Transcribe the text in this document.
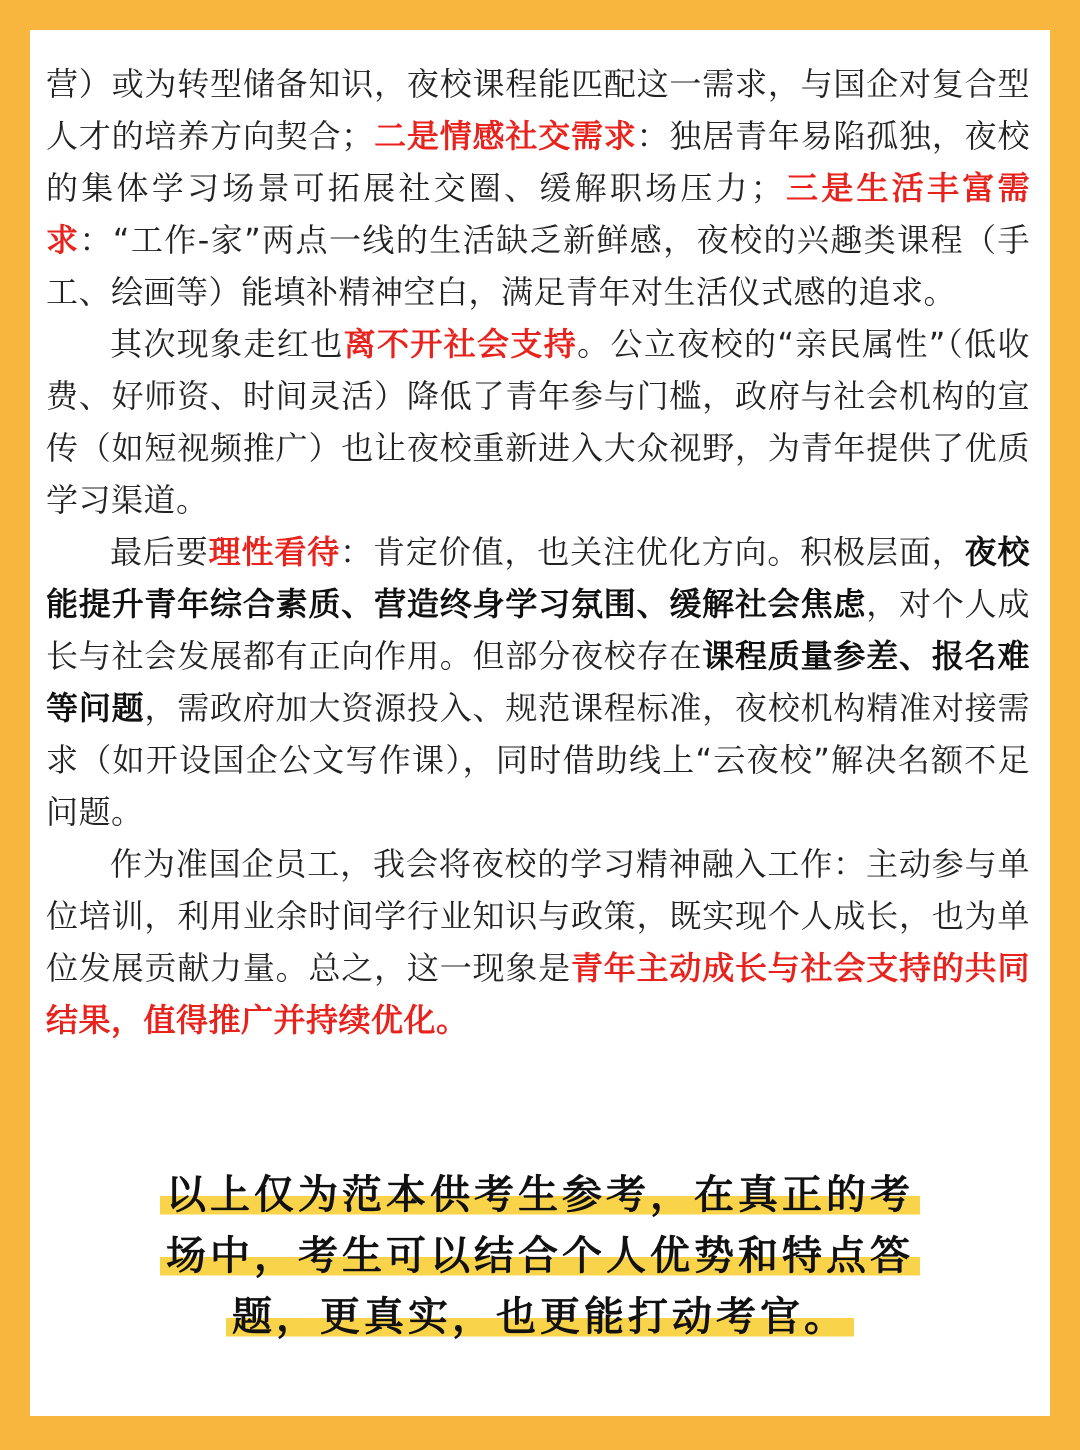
营）或为转型储备知识，夜校课程能匹配这一需求，与国企对复合型人才的培养方向契合；二是情感社交需求：独居青年易陷孤独，夜校的集体学习场景可拓展社交圈、缓解职场压力；三是生活丰富需求：“工作-家”两点一线的生活缺乏新鲜感，夜校的兴趣类课程（手工、绘画等）能填补精神空白，满足青年对生活仪式感的追求。

其次现象走红也离不开社会支持。公立夜校的“亲民属性”（低收费、好师资、时间灵活）降低了青年参与门槛，政府与社会机构的宣传（如短视频推广）也让夜校重新进入大众视野，为青年提供了优质学习渠道。

最后要理性看待：肯定价值，也关注优化方向。积极层面，夜校能提升青年综合素质、营造终身学习氛围、缓解社会焦虑，对个人成长与社会发展都有正向作用。但部分夜校存在课程质量参差、报名难等问题，需政府加大资源投入、规范课程标准，夜校机构精准对接需求（如开设国企公文写作课），同时借助线上“云夜校”解决名额不足问题。

作为准国企员工，我会将夜校的学习精神融入工作：主动参与单位培训，利用业余时间学行业知识与政策，既实现个人成长，也为单位发展贡献力量。总之，这一现象是青年主动成长与社会支持的共同结果，值得推广并持续优化。

以上仅为范本供考生参考，在真正的考
场中，考生可以结合个人优势和特点答
题，更真实，也更能打动考官。
